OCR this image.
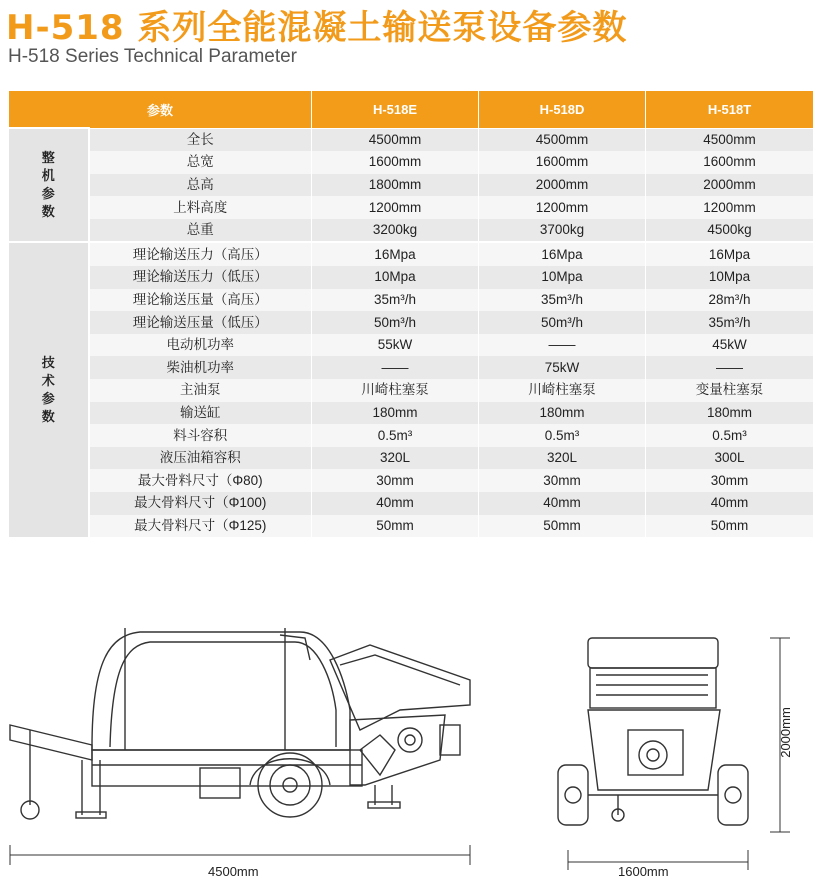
H-518 系列全能混凝土输送泵设备参数
H-518 Series Technical Parameter
参数		H-518E	H-518D	H-518T

整
机
参
数	全长	4500mm	4500mm	4500mm
	总宽	1600mm	1600mm	1600mm
	总高	1800mm	2000mm	2000mm
	上料高度	1200mm	1200mm	1200mm
	总重	3200kg	3700kg	4500kg

技
术
参
数	理论输送压力（高压）	16Mpa	16Mpa	16Mpa
	理论输送压力（低压）	10Mpa	10Mpa	10Mpa
	理论输送压量（高压）	35m³/h	35m³/h	28m³/h
	理论输送压量（低压）	50m³/h	50m³/h	35m³/h
	电动机功率	55kW	——	45kW
	柴油机功率	——	75kW	——
	主油泵	川崎柱塞泵	川崎柱塞泵	变量柱塞泵
	输送缸	180mm	180mm	180mm
	料斗容积	0.5m³	0.5m³	0.5m³
	液压油箱容积	320L	320L	300L
	最大骨料尺寸（Φ80)	30mm	30mm	30mm
	最大骨料尺寸（Φ100)	40mm	40mm	40mm
	最大骨料尺寸（Φ125)	50mm	50mm	50mm
4500mm	1600mm
2000mm
